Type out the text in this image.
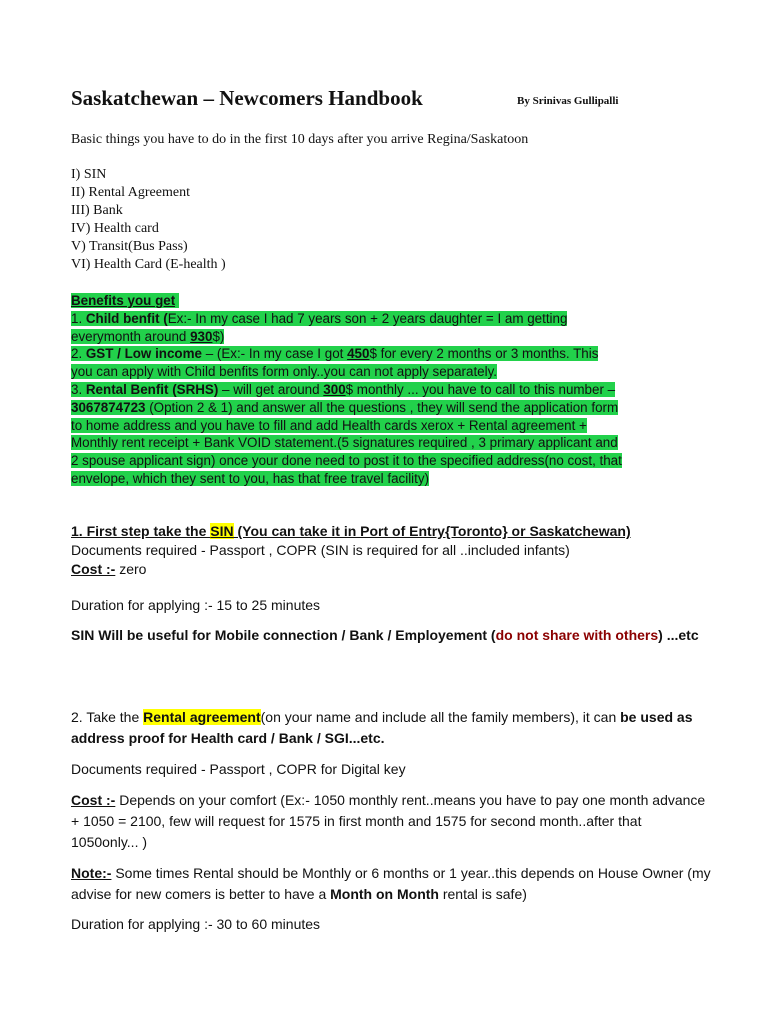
Saskatchewan – Newcomers Handbook	By Srinivas Gullipalli
Basic things you have to do in the first 10 days after you arrive Regina/Saskatoon
I) SIN
II) Rental Agreement
III) Bank
IV) Health card
V) Transit(Bus Pass)
VI) Health Card (E-health )
Benefits you get
1. Child benfit (Ex:- In my case I had 7 years son + 2 years daughter = I am getting
everymonth around 930$)
2. GST / Low income – (Ex:- In my case I got 450$ for every 2 months or 3 months. This
you can apply with Child benfits form only..you can not apply separately.
3. Rental Benfit (SRHS) – will get around 300$ monthly ... you have to call to this number –
3067874723 (Option 2 & 1) and answer all the questions , they will send the application form
to home address and you have to fill and add Health cards xerox + Rental agreement +
Monthly rent receipt + Bank VOID statement.(5 signatures required , 3 primary applicant and
2 spouse applicant sign) once your done need to post it to the specified address(no cost, that
envelope, which they sent to you, has that free travel facility)
1. First step take the SIN (You can take it in Port of Entry{Toronto} or Saskatchewan)
Documents required - Passport , COPR (SIN is required for all ..included infants)
Cost :- zero
Duration for applying :- 15 to 25 minutes
SIN Will be useful for Mobile connection / Bank / Employement (do not share with others) ...etc
2. Take the Rental agreement(on your name and include all the family members), it can be used as address proof for Health card / Bank / SGI...etc.
Documents required - Passport , COPR for Digital key
Cost :- Depends on your comfort (Ex:- 1050 monthly rent..means you have to pay one month advance + 1050 = 2100, few will request for 1575 in first month and 1575 for second month..after that 1050only... )
Note:- Some times Rental should be Monthly or 6 months or 1 year..this depends on House Owner (my advise for new comers is better to have a Month on Month rental is safe)
Duration for applying :- 30 to 60 minutes
